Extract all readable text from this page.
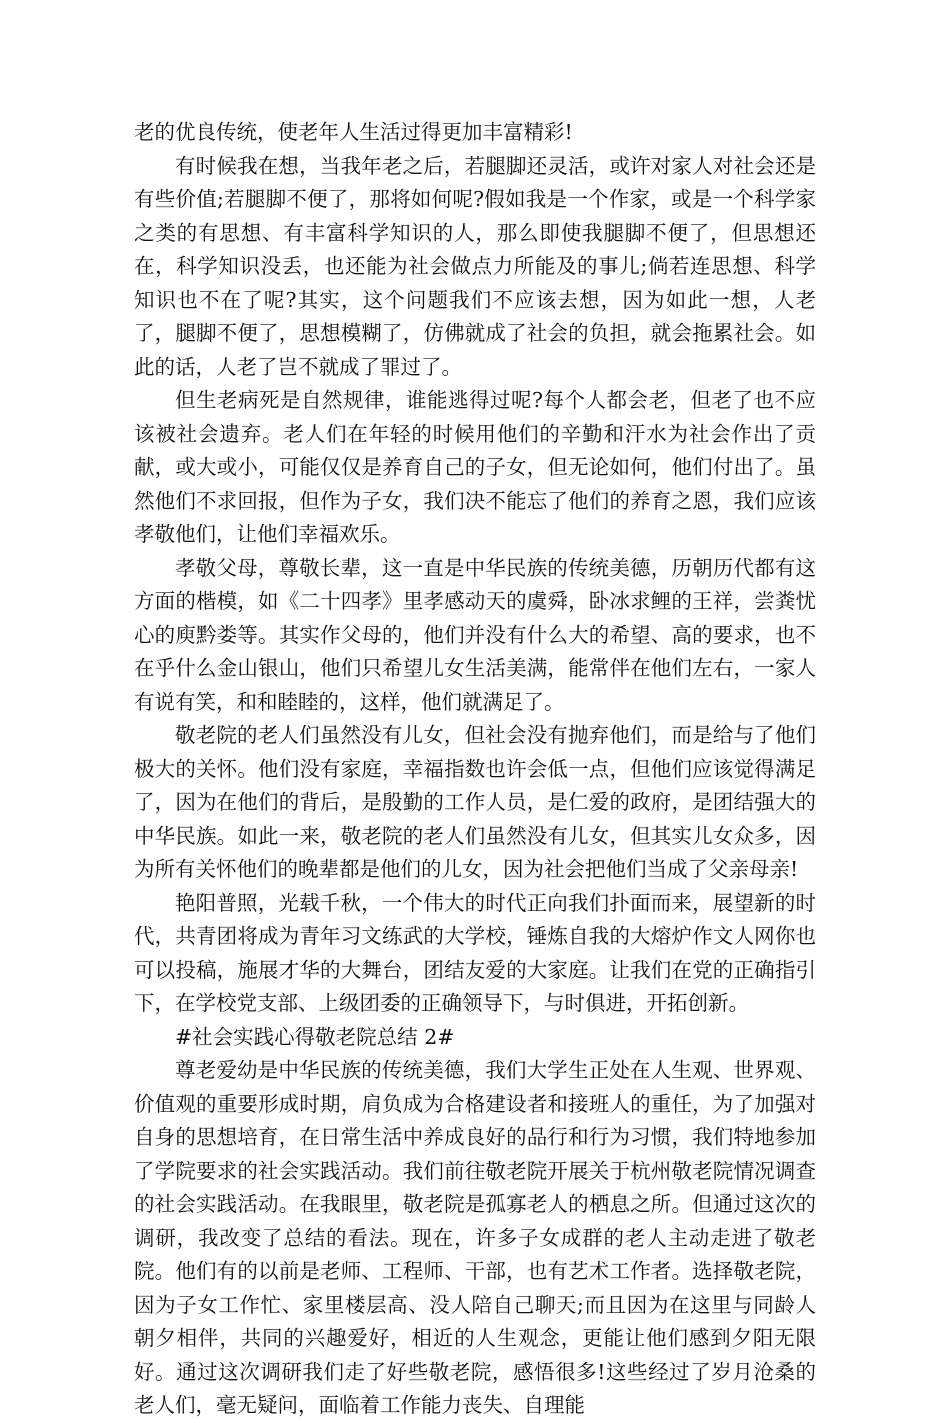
老的优良传统，使老年人生活过得更加丰富精彩!

有时候我在想，当我年老之后，若腿脚还灵活，或许对家人对社会还是有些价值;若腿脚不便了，那将如何呢?假如我是一个作家，或是一个科学家之类的有思想、有丰富科学知识的人，那么即使我腿脚不便了，但思想还在，科学知识没丢，也还能为社会做点力所能及的事儿;倘若连思想、科学知识也不在了呢?其实，这个问题我们不应该去想，因为如此一想，人老了，腿脚不便了，思想模糊了，仿佛就成了社会的负担，就会拖累社会。如此的话，人老了岂不就成了罪过了。

但生老病死是自然规律，谁能逃得过呢?每个人都会老，但老了也不应该被社会遗弃。老人们在年轻的时候用他们的辛勤和汗水为社会作出了贡献，或大或小，可能仅仅是养育自己的子女，但无论如何，他们付出了。虽然他们不求回报，但作为子女，我们决不能忘了他们的养育之恩，我们应该孝敬他们，让他们幸福欢乐。

孝敬父母，尊敬长辈，这一直是中华民族的传统美德，历朝历代都有这方面的楷模，如《二十四孝》里孝感动天的虞舜，卧冰求鲤的王祥，尝粪忧心的庾黔娄等。其实作父母的，他们并没有什么大的希望、高的要求，也不在乎什么金山银山，他们只希望儿女生活美满，能常伴在他们左右，一家人有说有笑，和和睦睦的，这样，他们就满足了。

敬老院的老人们虽然没有儿女，但社会没有抛弃他们，而是给与了他们极大的关怀。他们没有家庭，幸福指数也许会低一点，但他们应该觉得满足了，因为在他们的背后，是殷勤的工作人员，是仁爱的政府，是团结强大的中华民族。如此一来，敬老院的老人们虽然没有儿女，但其实儿女众多，因为所有关怀他们的晚辈都是他们的儿女，因为社会把他们当成了父亲母亲!

艳阳普照，光载千秋，一个伟大的时代正向我们扑面而来，展望新的时代，共青团将成为青年习文练武的大学校，锤炼自我的大熔炉作文人网你也可以投稿，施展才华的大舞台，团结友爱的大家庭。让我们在党的正确指引下，在学校党支部、上级团委的正确领导下，与时俱进，开拓创新。

#社会实践心得敬老院总结 2#

尊老爱幼是中华民族的传统美德，我们大学生正处在人生观、世界观、价值观的重要形成时期，肩负成为合格建设者和接班人的重任，为了加强对自身的思想培育，在日常生活中养成良好的品行和行为习惯，我们特地参加了学院要求的社会实践活动。我们前往敬老院开展关于杭州敬老院情况调查的社会实践活动。在我眼里，敬老院是孤寡老人的栖息之所。但通过这次的调研，我改变了总结的看法。现在，许多子女成群的老人主动走进了敬老院。他们有的以前是老师、工程师、干部，也有艺术工作者。选择敬老院，因为子女工作忙、家里楼层高、没人陪自己聊天;而且因为在这里与同龄人朝夕相伴，共同的兴趣爱好，相近的人生观念，更能让他们感到夕阳无限好。通过这次调研我们走了好些敬老院，感悟很多!这些经过了岁月沧桑的老人们，毫无疑问，面临着工作能力丧失、自理能
